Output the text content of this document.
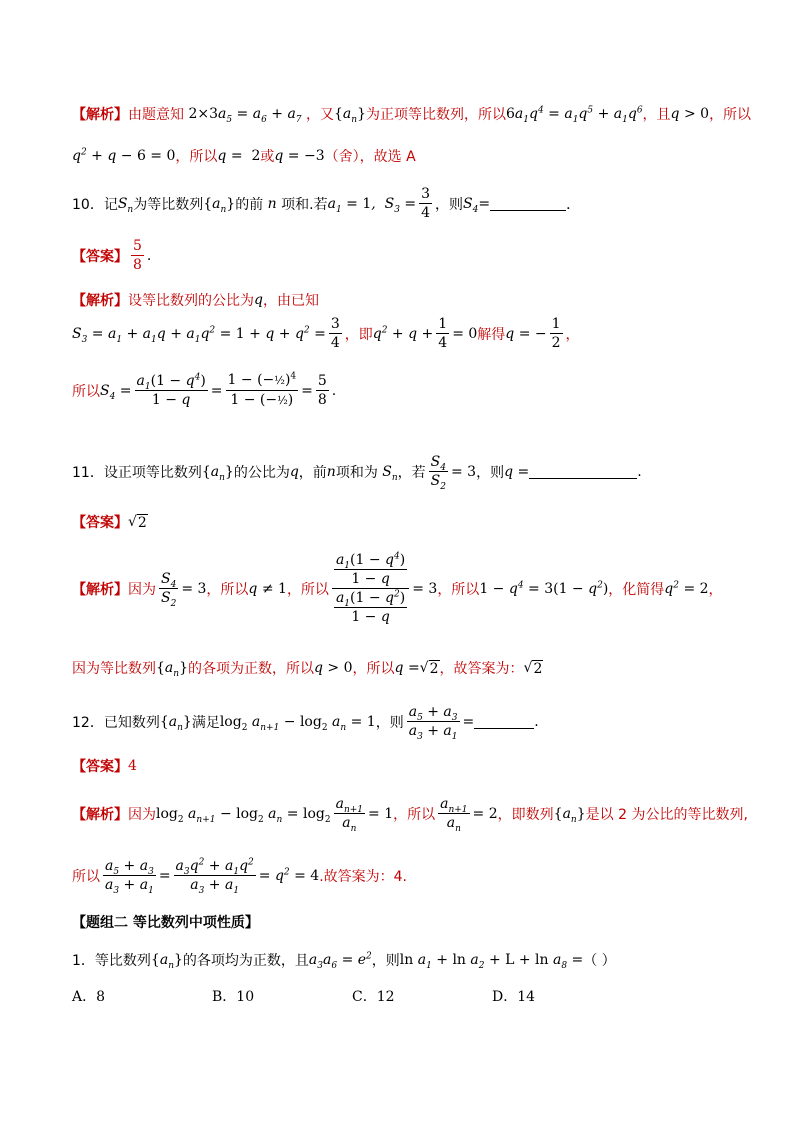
【解析】 由题意知 $2\times 3a_5 = a_6 + a_7$ ，又 $\{a_n\}$ 为正项等比数列，所以 $6a_1q^4 = a_1q^5 + a_1q^6$ ，且 q > 0 ，所以
$q^2 + q - 6 = 0$ ，所以 q =  2 或 q = −3 （舍），故选 A
10．记 $S_n$ 为等比数列 $\{a_n\}$ 的前 n 项和.若 $a_1 = 1$,  $S_3 = \frac{3}{4}$ ，则 $S_4$ =	．
【答案】 $\frac{5}{8}$ .
【解析】 设等比数列的公比为 q ，由已知
$S_3 = a_1 + a_1q + a_1q^2 = 1 + q + q^2 = \frac{3}{4}$ ，即 $q^2 + q + \frac{1}{4} = 0$ 解得 q = − $\frac{1}{2}$ ，
所以 $S_4 = \frac{a_1(1 - q^4)}{1 - q} = \frac{1 - (-\frac{1}{2})^4}{\text{1 − (−½)}} = \frac{5}{8}$ .
11．设正项等比数列 $\{a_n\}$ 的公比为 q ，前 n 项和为 $S_n$ ，若 $\frac{S_4}{S_2} = 3$ ，则 q =	.
【答案】 √ 2
【解析】 因为 $\frac{S_4}{S_2} = 3$ ，所以 q ≠ 1 ，所以 $\frac{\frac{a_1(1 - q^4)}{1 - q}}{\frac{a_1(1 - q^2)}{1 - q}} = 3$ ，所以 $1 - q^4 = 3(1 - q^2)$ ，化简得 $q^2 = 2$ ，
因为等比数列 $\{a_n\}$ 的各项为正数，所以 q > 0 ，所以 q = √ 2 ，故答案为： √ 2
12．已知数列 $\{a_n\}$ 满足 $\log_2 a_{n+1} - \log_2 a_n = 1$ ，则 $\frac{a_5 + a_3}{a_3 + a_1}$ =	.
【答案】 4
【解析】 因为 $\log_2 a_{n+1} - \log_2 a_n = \log_2 \frac{a_{n+1}}{a_n} = 1$ ，所以 $\frac{a_{n+1}}{a_n} = 2$ ，即数列 $\{a_n\}$ 是以 2 为公比的等比数列,
所以 $\frac{a_5 + a_3}{a_3 + a_1} = \frac{a_3q^2 + a_1q^2}{a_3 + a_1} = q^2 = 4$ .故答案为：4.
【题组二 等比数列中项性质】
1．等比数列 $\{a_n\}$ 的各项均为正数，且 $a_3a_6 = e^2$ ，则 $\ln a_1 + \ln a_2 + L + \ln a_8$ = （ ）
A．8	B．10	C．12	D．14
